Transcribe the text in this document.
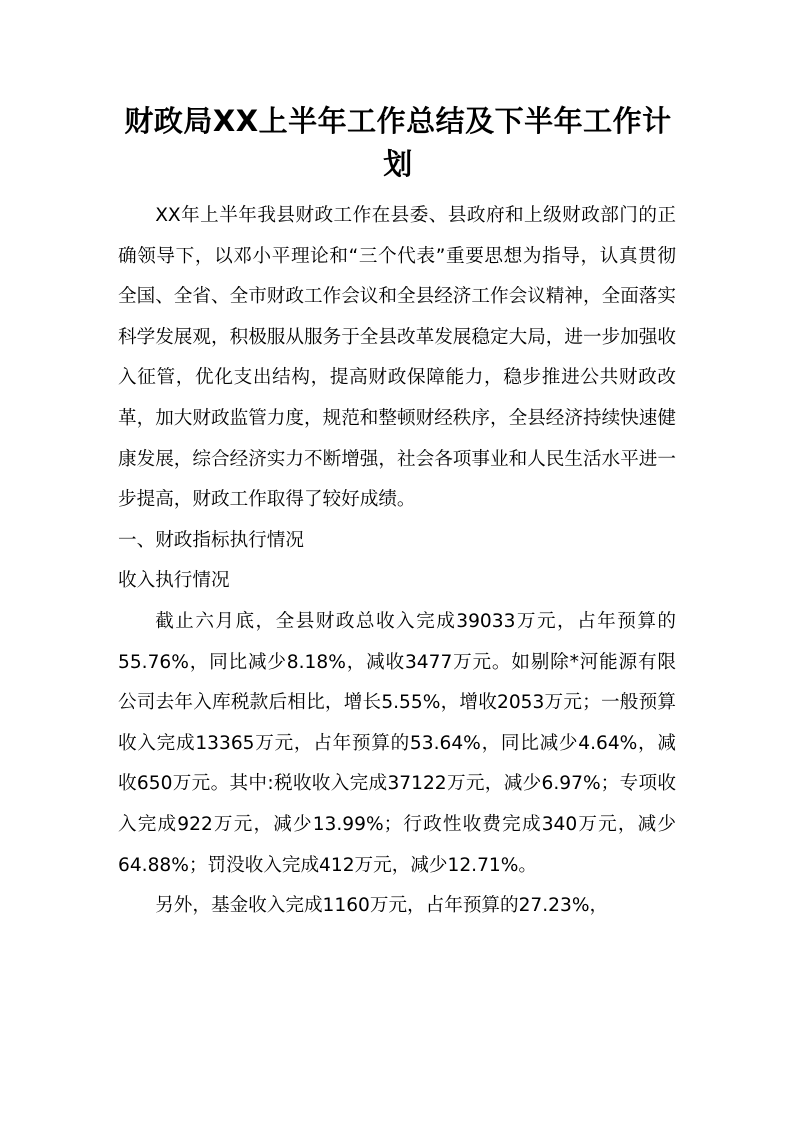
财政局XX上半年工作总结及下半年工作计划

XX年上半年我县财政工作在县委、县政府和上级财政部门的正确领导下，以邓小平理论和“三个代表”重要思想为指导，认真贯彻全国、全省、全市财政工作会议和全县经济工作会议精神，全面落实科学发展观，积极服从服务于全县改革发展稳定大局，进一步加强收入征管，优化支出结构，提高财政保障能力，稳步推进公共财政改革，加大财政监管力度，规范和整顿财经秩序，全县经济持续快速健康发展，综合经济实力不断增强，社会各项事业和人民生活水平进一步提高，财政工作取得了较好成绩。

一、财政指标执行情况

收入执行情况

截止六月底，全县财政总收入完成39033万元，占年预算的55.76%，同比减少8.18%，减收3477万元。如剔除*河能源有限公司去年入库税款后相比，增长5.55%，增收2053万元；一般预算收入完成13365万元，占年预算的53.64%，同比减少4.64%，减收650万元。其中:税收收入完成37122万元，减少6.97%；专项收入完成922万元，减少13.99%；行政性收费完成340万元，减少64.88%；罚没收入完成412万元，减少12.71%。

另外，基金收入完成1160万元，占年预算的27.23%，
